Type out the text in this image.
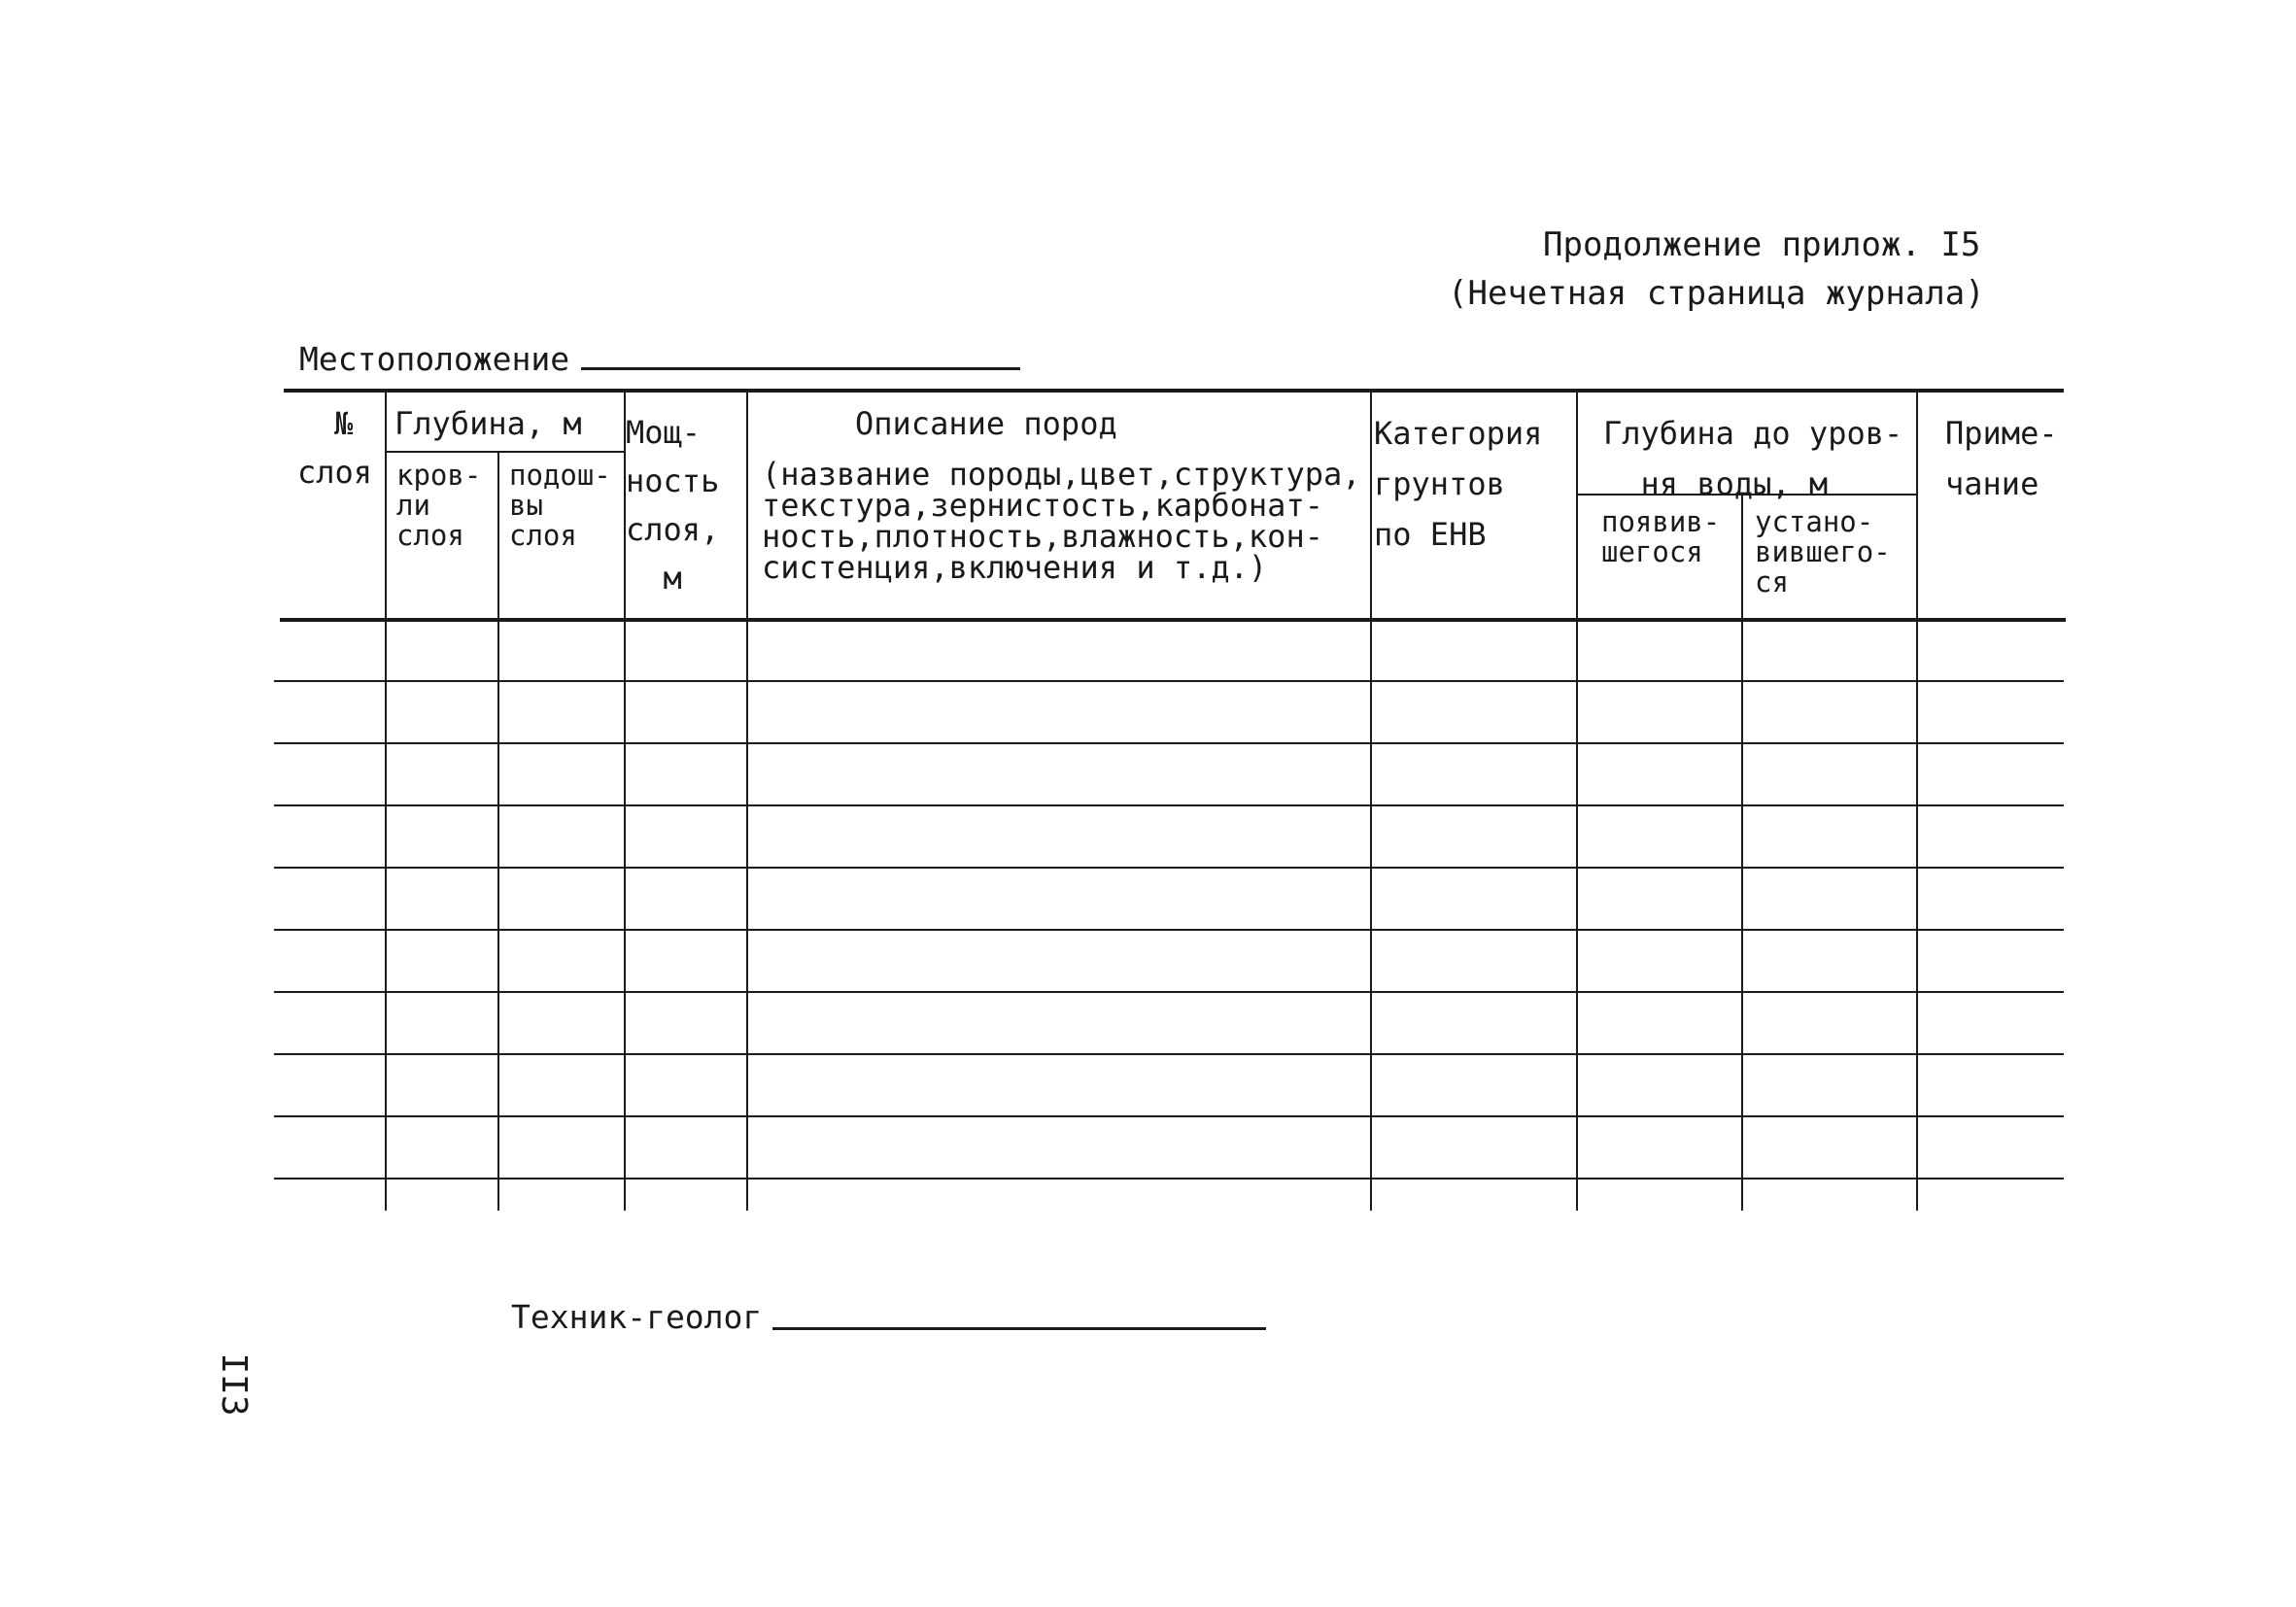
Продолжение прилож. I5
(Нечетная страница журнала)
Местоположение
№
слоя
Глубина, м
кров-
ли
слоя
подош-
вы
слоя
Мощ-
ность
слоя,
м
Описание пород
(название породы,цвет,структура,
текстура,зернистость,карбонат-
ность,плотность,влажность,кон-
систенция,включения и т.д.)
Категория
грунтов
по ЕНВ
Глубина до уров-
ня воды, м
появив-
шегося
устано-
вившего-
ся
Приме-
чание
Техник-геолог
II3
